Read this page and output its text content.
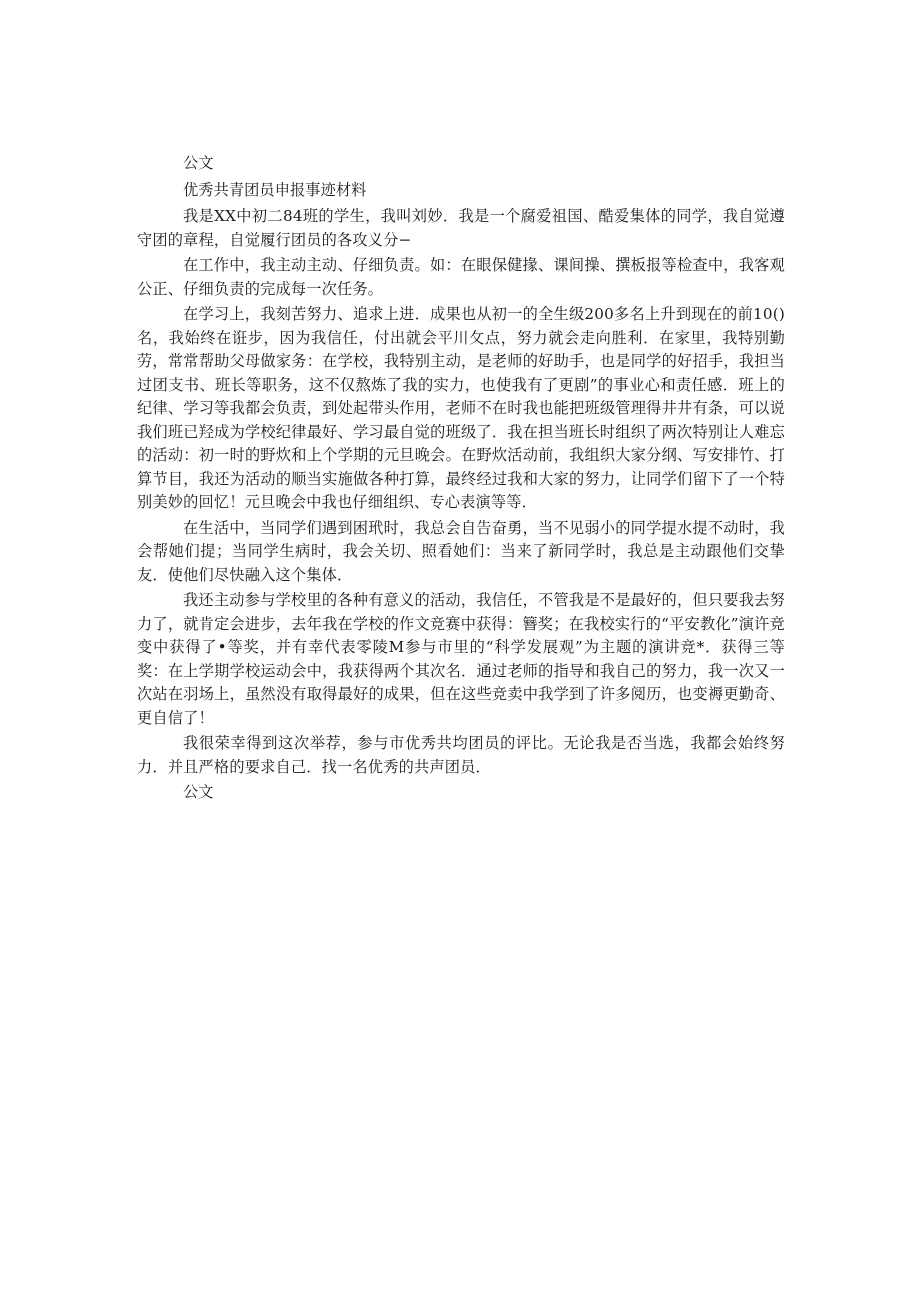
公文

优秀共青团员申报事迹材料

我是XX中初二84班的学生，我叫刘妙．我是一个腐爱祖国、酷爱集体的同学，我自觉遵守团的章程，自觉履行团员的各攻义分−

在工作中，我主动主动、仔细负责。如：在眼保健掾、课间操、撰板报等检查中，我客观公正、仔细负责的完成每一次任务。

在学习上，我刻苦努力、追求上进．成果也从初一的全生级200多名上升到现在的前10()名，我始终在诳步，因为我信任，付出就会平川攵点，努力就会走向胜利．在家里，我特别勤劳，常常帮助父母做家务：在学校，我特别主动，是老师的好助手，也是同学的好招手，我担当过团支书、班长等职务，这不仅熬炼了我的实力，也使我有了更剧”的事业心和责任感．班上的纪律、学习等我都会负责，到处起带头作用，老师不在时我也能把班级管理得井井有条，可以说我们班已羟成为学校纪律最好、学习最自觉的班级了．我在担当班长时组织了两次特别让人难忘的活动：初一时的野炊和上个学期的元旦晚会。在野炊活动前，我组织大家分纲、写安排竹、打算节目，我还为活动的顺当实施做各种打算，最终经过我和大家的努力，让同学们留下了一个特别美妙的回忆！元旦晚会中我也仔细组织、专心表演等等．

在生活中，当同学们遇到困玳时，我总会自告奋勇，当不见弱小的同学提水提不动时，我会帮她们提；当同学生病时，我会关切、照看她们：当来了新同学时，我总是主动跟他们交挚友．使他们尽快融入这个集体．

我还主动参与学校里的各种有意义的活动，我信任，不管我是不是最好的，但只要我去努力了，就肯定会进步，去年我在学校的作文竞赛中获得：簪奖；在我校实行的“平安教化”演许竞变中获得了•等奖，并有幸代表零陵M参与市里的“科学发展观”为主题的演讲竞*．获得三等奖：在上学期学校运动会中，我获得两个其次名．通过老师的指导和我自己的努力，我一次又一次站在羽场上，虽然没有取得最好的成果，但在这些竞卖中我学到了许多阅历，也变褥更勤奇、更自信了！

我很荣幸得到这次举荐，参与市优秀共均团员的评比。无论我是否当选，我都会始终努力．并且严格的要求自己．找一名优秀的共声团员．

公文
